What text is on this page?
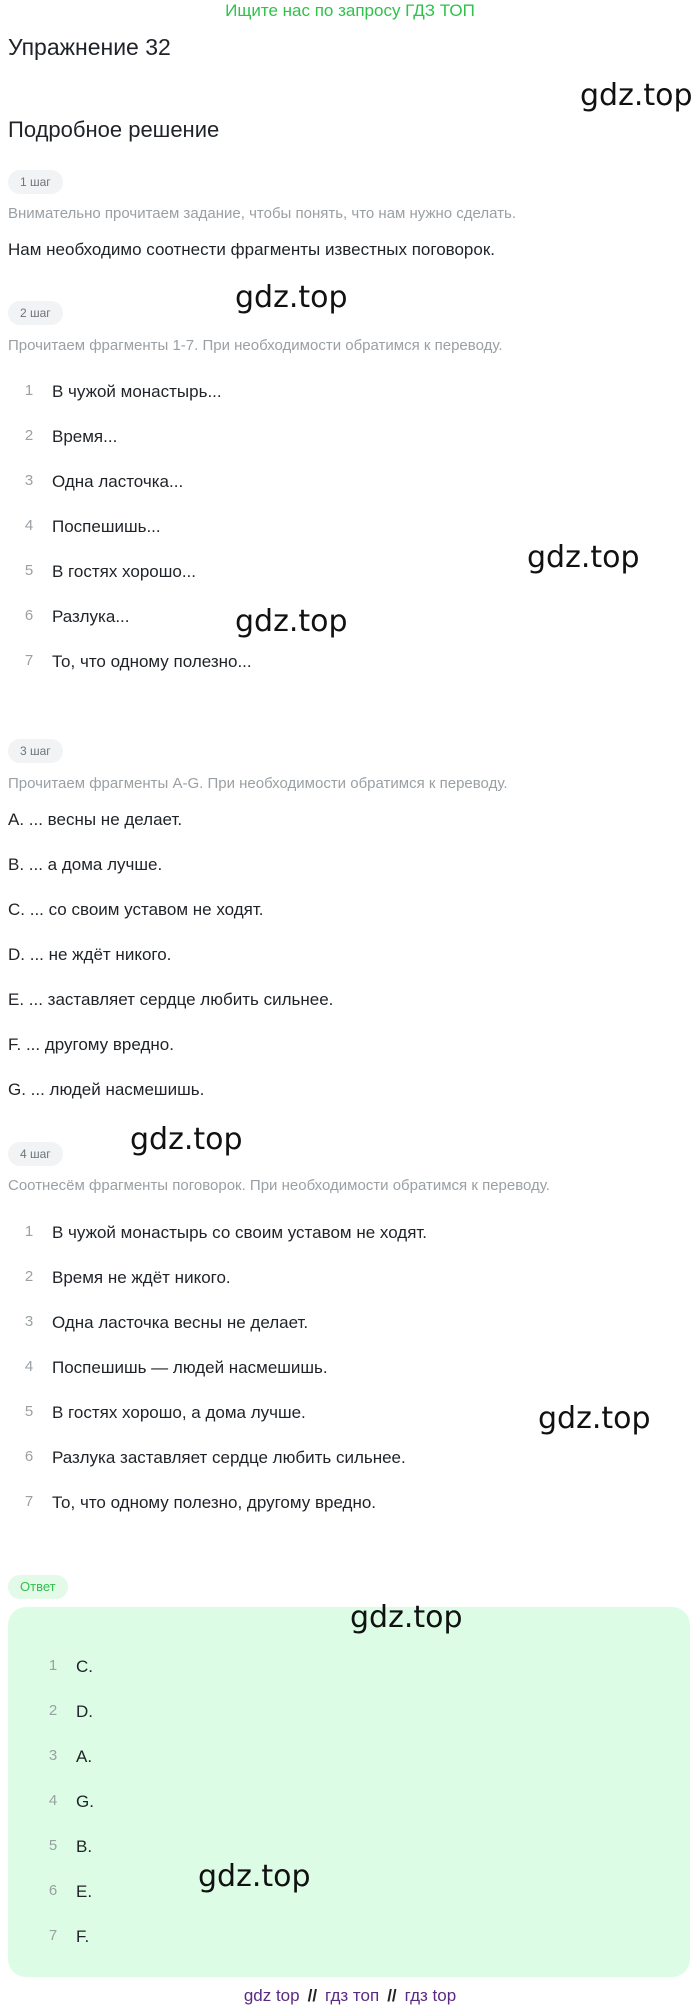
Ищите нас по запросу ГДЗ ТОП
Упражнение 32
gdz.top
Подробное решение
1 шаг
Внимательно прочитаем задание, чтобы понять, что нам нужно сделать.
Нам необходимо соотнести фрагменты известных поговорок.
2 шаг	gdz.top
Прочитаем фрагменты 1-7. При необходимости обратимся к переводу.
1	В чужой монастырь...
2	Время...
3	Одна ласточка...
4	Поспешишь...
5	В гостях хорошо...
6	Разлука...
7	То, что одному полезно...
gdz.top
gdz.top
3 шаг
Прочитаем фрагменты A-G. При необходимости обратимся к переводу.
A. ... весны не делает.
B. ... а дома лучше.
C. ... со своим уставом не ходят.
D. ... не ждёт никого.
E. ... заставляет сердце любить сильнее.
F. ... другому вредно.
G. ... людей насмешишь.
4 шаг	gdz.top
Соотнесём фрагменты поговорок. При необходимости обратимся к переводу.
1	В чужой монастырь со своим уставом не ходят.
2	Время не ждёт никого.
3	Одна ласточка весны не делает.
4	Поспешишь — людей насмешишь.
5	В гостях хорошо, а дома лучше.
6	Разлука заставляет сердце любить сильнее.
7	То, что одному полезно, другому вредно.
gdz.top
Ответ
gdz.top
1	C.
2	D.
3	A.
4	G.
5	B.
6	E.
7	F.
gdz.top
gdz top // гдз топ // гдз top
